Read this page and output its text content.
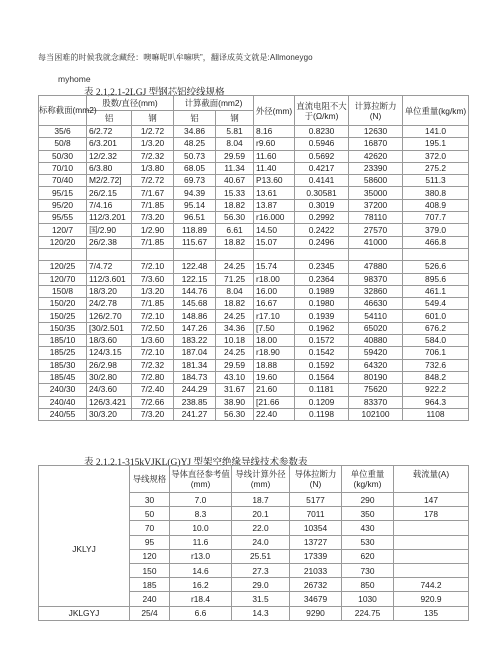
每当困难的时候我就念藏经：噢嘛呢叭牟嘛哄”，翻译成英文就是:Allmoneygo
myhome
表 2.1,2.1-2LGJ 型钢芯铝绞线规格
标称截面(mm2)	股数/直径(mm)		计算截面(mm2)		外径(mm)	直流电阻不大于(Ω/km)	计算拉断力(N)	单位重量(kg/km)
	铝	钢	铝	钢				
35/6	6/2.72	1/2.72	34.86	5.81	8.16	0.8230	12630	141.0
50/8	6/3.201	1/3.20	48.25	8.04	r9.60	0.5946	16870	195.1
50/30	12/2.32	7/2.32	50.73	29.59	11.60	0.5692	42620	372.0
70/10	6/3.80	1/3.80	68.05	11.34	11.40	0.4217	23390	275.2
70/40	M2/2.72]	7/2.72	69.73	40.67	P13.60	0.4141	58600	511.3
95/15	26/2.15	7/1.67	94.39	15.33	13.61	0.30581	35000	380.8
95/20	7/4.16	7/1.85	95.14	18.82	13.87	0.3019	37200	408.9
95/55	112/3.201	7/3.20	96.51	56.30	r16.000	0.2992	78110	707.7
120/7	国/2.90	1/2.90	118.89	6.61	14.50	0.2422	27570	379.0
120/20	26/2.38	7/1.85	115.67	18.82	15.07	0.2496	41000	466.8

120/25	7/4.72	7/2.10	122.48	24.25	15.74	0.2345	47880	526.6
120/70	112/3.601	7/3.60	122.15	71.25	r18.00	0.2364	98370	895.6
150/8	18/3.20	1/3.20	144.76	8.04	16.00	0.1989	32860	461.1
150/20	24/2.78	7/1.85	145.68	18.82	16.67	0.1980	46630	549.4
150/25	126/2.70	7/2.10	148.86	24.25	r17.10	0.1939	54110	601.0
150/35	[30/2.501	7/2.50	147.26	34.36	[7.50	0.1962	65020	676.2
185/10	18/3.60	1/3.60	183.22	10.18	18.00	0.1572	40880	584.0
185/25	124/3.15	7/2.10	187.04	24.25	r18.90	0.1542	59420	706.1
185/30	26/2.98	7/2.32	181.34	29.59	18.88	0.1592	64320	732.6
185/45	30/2.80	7/2.80	184.73	43.10	19.60	0.1564	80190	848.2
240/30	24/3.60	7/2.40	244.29	31.67	21.60	0.1181	75620	922.2
240/40	126/3.421	7/2.66	238.85	38.90	[21.66	0.1209	83370	964.3
240/55	30/3.20	7/3.20	241.27	56.30	22.40	0.1198	102100	1108
表 2.1.2.1-315kVJKL(G)YJ 型架空绝缘导线技术参数表
	导线规格	导体直径参考值(mm)	导线计算外径(mm)	导体拉断力(N)	单位重量(kg/km)	载流量(A)
JKLYJ	30	7.0	18.7	5177	290	147
	50	8.3	20.1	7011	350	178
	70	10.0	22.0	10354	430	
	95	11.6	24.0	13727	530	
	120	r13.0	25.51	17339	620	
	150	14.6	27.3	21033	730	
	185	16.2	29.0	26732	850	744.2
	240	r18.4	31.5	34679	1030	920.9
JKLGYJ	25/4	6.6	14.3	9290	224.75	135
